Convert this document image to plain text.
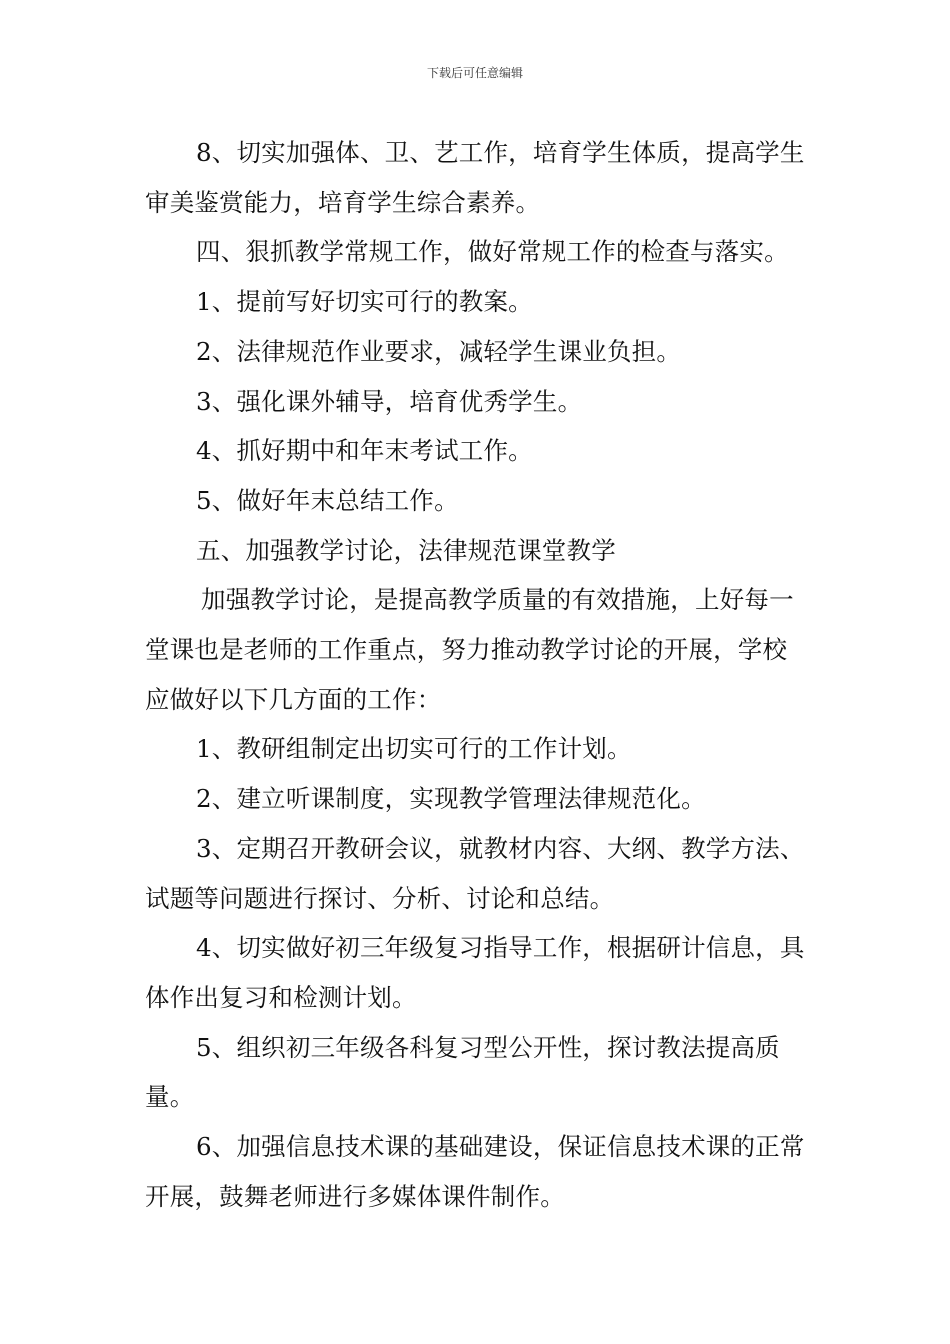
下载后可任意编辑

8、切实加强体、卫、艺工作，培育学生体质，提高学生审美鉴赏能力，培育学生综合素养。

四、狠抓教学常规工作，做好常规工作的检查与落实。

1、提前写好切实可行的教案。

2、法律规范作业要求，减轻学生课业负担。

3、强化课外辅导，培育优秀学生。

4、抓好期中和年末考试工作。

5、做好年末总结工作。

五、加强教学讨论，法律规范课堂教学

加强教学讨论，是提高教学质量的有效措施，上好每一堂课也是老师的工作重点，努力推动教学讨论的开展，学校应做好以下几方面的工作：

1、教研组制定出切实可行的工作计划。

2、建立听课制度，实现教学管理法律规范化。

3、定期召开教研会议，就教材内容、大纲、教学方法、试题等问题进行探讨、分析、讨论和总结。

4、切实做好初三年级复习指导工作，根据研计信息，具体作出复习和检测计划。

5、组织初三年级各科复习型公开性，探讨教法提高质量。

6、加强信息技术课的基础建设，保证信息技术课的正常开展，鼓舞老师进行多媒体课件制作。
